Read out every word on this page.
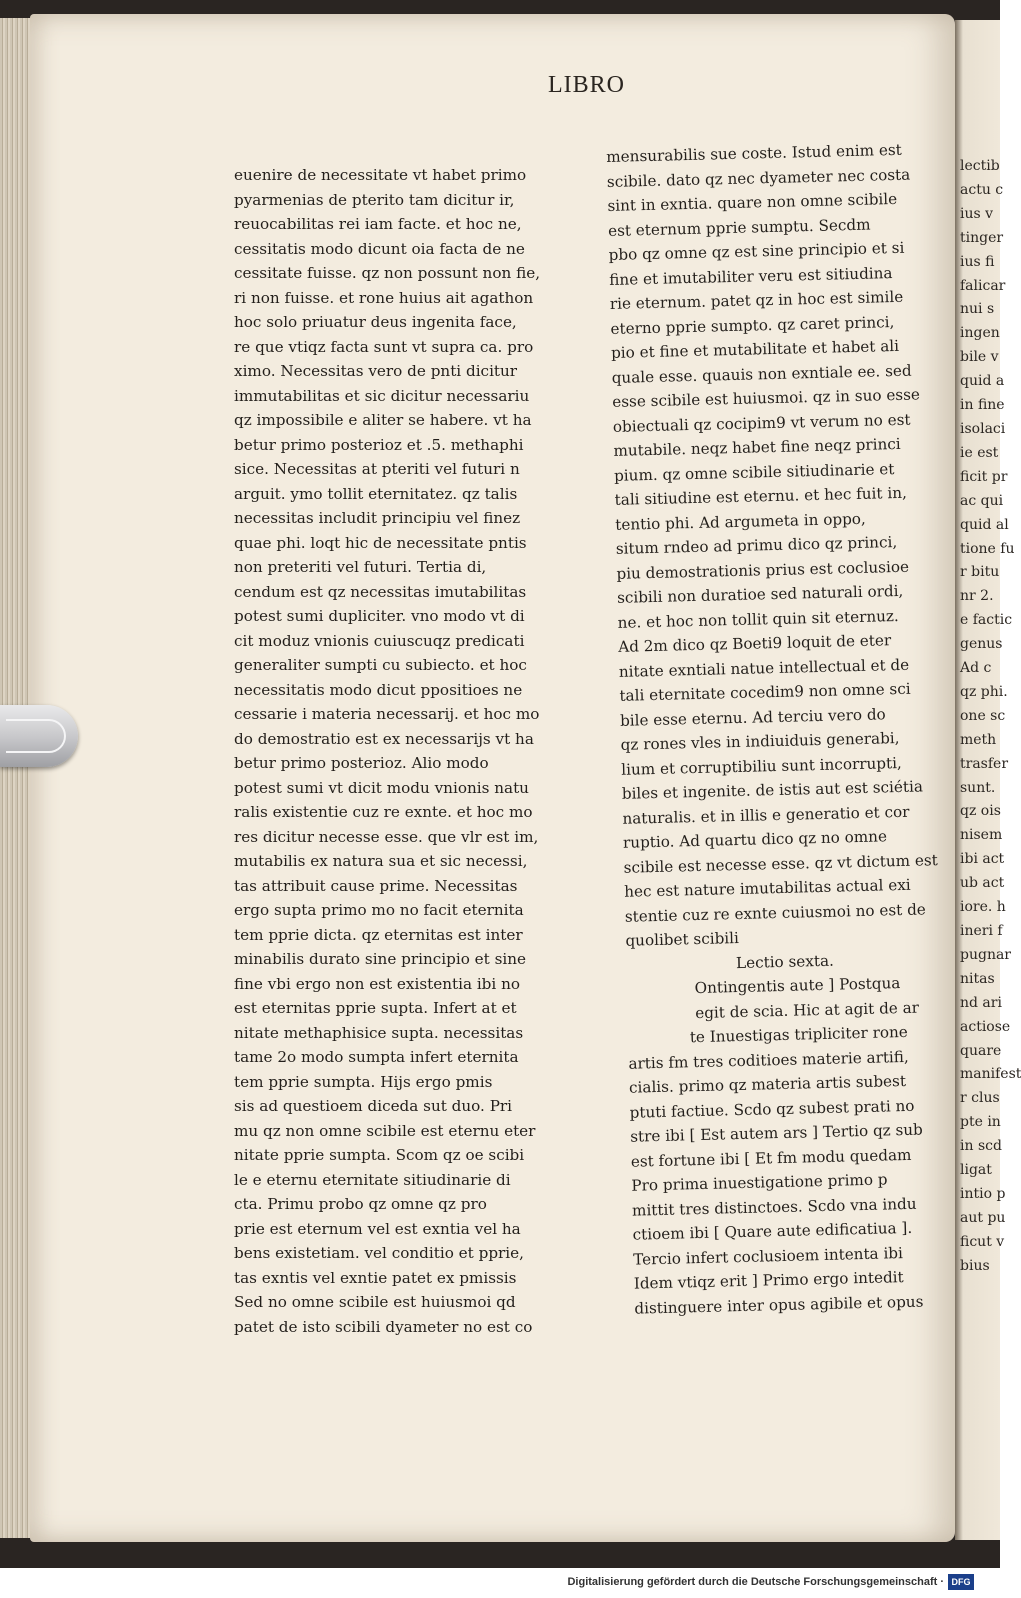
lectib
actu c
ius v
tinger
ius fi
falicar
nui s
ingen
bile v
quid a
in fine
isolaci
ie est
ficit pr
ac qui
quid al
tione fu
r bitu
nr 2.
e factic
genus
Ad c
qz phi.
one sc
meth
trasfer
sunt.
qz ois
nisem
ibi act
ub act
iore. h
ineri f
pugnar
nitas
nd ari
actiose
quare
manifest
r clus
pte in
in scd
ligat
intio p
aut pu
ficut v
bius
LIBRO
euenire de necessitate vt habet primo
pyarmenias de pterito tam dicitur ir,
reuocabilitas rei iam facte. et hoc ne,
cessitatis modo dicunt oia facta de ne
cessitate fuisse. qz non possunt non fie,
ri non fuisse. et rone huius ait agathon
hoc solo priuatur deus ingenita face,
re que vtiqz facta sunt vt supra ca. pro
ximo. Necessitas vero de pnti dicitur
immutabilitas et sic dicitur necessariu
qz impossibile e aliter se habere. vt ha
betur primo posterioz et .5. methaphi
sice. Necessitas at pteriti vel futuri n
arguit. ymo tollit eternitatez. qz talis
necessitas includit principiu vel finez
quae phi. loqt hic de necessitate pntis
non preteriti vel futuri. Tertia di,
cendum est qz necessitas imutabilitas
potest sumi dupliciter. vno modo vt di
cit moduz vnionis cuiuscuqz predicati
generaliter sumpti cu subiecto. et hoc
necessitatis modo dicut ppositioes ne
cessarie i materia necessarij. et hoc mo
do demostratio est ex necessarijs vt ha
betur primo posterioz. Alio modo
potest sumi vt dicit modu vnionis natu
ralis existentie cuz re exnte. et hoc mo
res dicitur necesse esse. que vlr est im,
mutabilis ex natura sua et sic necessi,
tas attribuit cause prime. Necessitas
ergo supta primo mo no facit eternita
tem pprie dicta. qz eternitas est inter
minabilis durato sine principio et sine
fine vbi ergo non est existentia ibi no
est eternitas pprie supta. Infert at et
nitate methaphisice supta. necessitas
tame 2o modo sumpta infert eternita
tem pprie sumpta. Hijs ergo pmis
sis ad questioem diceda sut duo. Pri
mu qz non omne scibile est eternu eter
nitate pprie sumpta. Scom qz oe scibi
le e eternu eternitate sitiudinarie di
cta. Primu probo qz omne qz pro
prie est eternum vel est exntia vel ha
bens existetiam. vel conditio et pprie,
tas exntis vel exntie patet ex pmissis
Sed no omne scibile est huiusmoi qd
patet de isto scibili dyameter no est co
mensurabilis sue coste. Istud enim est
scibile. dato qz nec dyameter nec costa
sint in exntia. quare non omne scibile
est eternum pprie sumptu. Secdm
pbo qz omne qz est sine principio et si
fine et imutabiliter veru est sitiudina
rie eternum. patet qz in hoc est simile
eterno pprie sumpto. qz caret princi,
pio et fine et mutabilitate et habet ali
quale esse. quauis non exntiale ee. sed
esse scibile est huiusmoi. qz in suo esse
obiectuali qz cocipim9 vt verum no est
mutabile. neqz habet fine neqz princi
pium. qz omne scibile sitiudinarie et
tali sitiudine est eternu. et hec fuit in,
tentio phi. Ad argumeta in oppo,
situm rndeo ad primu dico qz princi,
piu demostrationis prius est coclusioe
scibili non duratioe sed naturali ordi,
ne. et hoc non tollit quin sit eternuz.
Ad 2m dico qz Boeti9 loquit de eter
nitate exntiali natue intellectual et de
tali eternitate cocedim9 non omne sci
bile esse eternu. Ad terciu vero do
qz rones vles in indiuiduis generabi,
lium et corruptibiliu sunt incorrupti,
biles et ingenite. de istis aut est sciétia
naturalis. et in illis e generatio et cor
ruptio. Ad quartu dico qz no omne
scibile est necesse esse. qz vt dictum est
hec est nature imutabilitas actual exi
stentie cuz re exnte cuiusmoi no est de
quolibet scibili
Lectio sexta.
Ontingentis aute ] Postqua
egit de scia. Hic at agit de ar
te Inuestigas tripliciter rone
artis fm tres coditioes materie artifi,
cialis. primo qz materia artis subest
ptuti factiue. Scdo qz subest prati no
stre ibi [ Est autem ars ] Tertio qz sub
est fortune ibi [ Et fm modu quedam
Pro prima inuestigatione primo p
mittit tres distinctoes. Scdo vna indu
ctioem ibi [ Quare aute edificatiua ].
Tercio infert coclusioem intenta ibi
Idem vtiqz erit ] Primo ergo intedit
distinguere inter opus agibile et opus
Digitalisierung gefördert durch die Deutsche Forschungsgemeinschaft · DFG
